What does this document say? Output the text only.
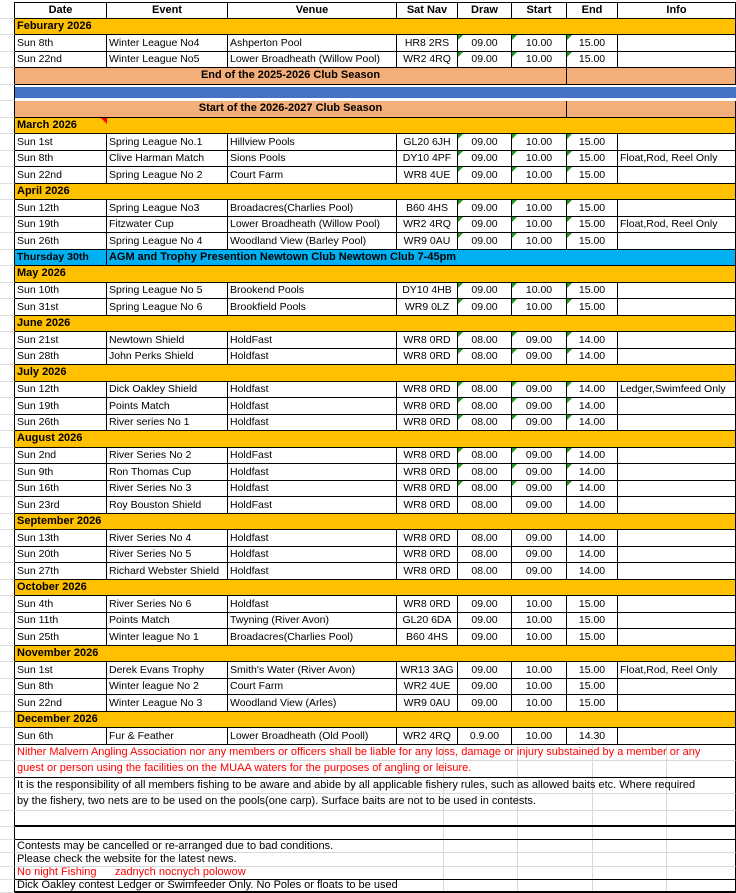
Date	Event	Venue	Sat Nav	Draw	Start	End	Info
Feburary 2026
Sun 8th	Winter League No4	Ashperton Pool	HR8 2RS	09.00	10.00	15.00
Sun 22nd	Winter League No5	Lower Broadheath (Willow Pool)	WR2 4RQ	09.00	10.00	15.00
End of the 2025-2026 Club Season
Start of the 2026-2027 Club Season
March 2026
Sun 1st	Spring League No.1	Hillview Pools	GL20 6JH	09.00	10.00	15.00
Sun 8th	Clive Harman Match	Sions Pools	DY10 4PF	09.00	10.00	15.00 Float,Rod, Reel Only
Sun 22nd	Spring League No 2	Court Farm	WR8 4UE	09.00	10.00	15.00
April 2026
Sun 12th	Spring League No3	Broadacres(Charlies Pool)	B60 4HS	09.00	10.00	15.00
Sun 19th	Fitzwater Cup	Lower Broadheath (Willow Pool)	WR2 4RQ	09.00	10.00	15.00 Float,Rod, Reel Only
Sun 26th	Spring League No 4	Woodland View (Barley Pool)	WR9 0AU	09.00	10.00	15.00
Thursday 30th	AGM and Trophy Presention Newtown Club Newtown Club 7-45pm
May 2026
Sun 10th	Spring League No 5	Brookend Pools	DY10 4HB	09.00	10.00	15.00
Sun 31st	Spring League No 6	Brookfield Pools	WR9 0LZ	09.00	10.00	15.00
June 2026
Sun 21st	Newtown Shield	HoldFast	WR8 0RD	08.00	09.00	14.00
Sun 28th	John Perks Shield	Holdfast	WR8 0RD	08.00	09.00	14.00
July 2026
Sun 12th	Dick Oakley Shield	Holdfast	WR8 0RD	08.00	09.00	14.00 Ledger,Swimfeed Only
Sun 19th	Points Match	Holdfast	WR8 0RD	08.00	09.00	14.00
Sun 26th	River series No 1	Holdfast	WR8 0RD	08.00	09.00	14.00
August 2026
Sun 2nd	River Series No 2	HoldFast	WR8 0RD	08.00	09.00	14.00
Sun 9th	Ron Thomas Cup	Holdfast	WR8 0RD	08.00	09.00	14.00
Sun 16th	River Series No 3	Holdfast	WR8 0RD	08.00	09.00	14.00
Sun 23rd	Roy Bouston Shield	HoldFast	WR8 0RD	08.00	09.00	14.00
September 2026
Sun 13th	River Series No 4	Holdfast	WR8 0RD	08.00	09.00	14.00
Sun 20th	River Series No 5	Holdfast	WR8 0RD	08.00	09.00	14.00
Sun 27th	Richard Webster Shield	Holdfast	WR8 0RD	08.00	09.00	14.00
October 2026
Sun 4th	River Series No 6	Holdfast	WR8 0RD	09.00	10.00	15.00
Sun 11th	Points Match	Twyning (River Avon)	GL20 6DA	09.00	10.00	15.00
Sun 25th	Winter league No 1	Broadacres(Charlies Pool)	B60 4HS	09.00	10.00	15.00
November 2026
Sun 1st	Derek Evans Trophy	Smith's Water (River Avon)	WR13 3AG	09.00	10.00	15.00 Float,Rod, Reel Only
Sun 8th	Winter league No 2	Court Farm	WR2 4UE	09.00	10.00	15.00
Sun 22nd	Winter League No 3	Woodland View (Arles)	WR9 0AU	09.00	10.00	15.00
December 2026
Sun 6th	Fur & Feather	Lower Broadheath (Old Pooll)	WR2 4RQ	0.9.00	10.00	14.30
Nither Malvern Angling Association nor any members or officers shall be liable for any loss, damage or injury substained by a member or any
guest or person using the facilities on the MUAA waters for the purposes of angling or leisure.
It is the responsibility of all members fishing to be aware and abide by all applicable fishery rules, such as allowed baits etc. Where required
by the fishery, two nets are to be used on the pools(one carp). Surface baits are not to be used in contests.
Contests may be cancelled or re-arranged due to bad conditions.
Please check the website for the latest news.
No night Fishing      zadnych nocnych polowow
Dick Oakley contest Ledger or Swimfeeder Only. No Poles or floats to be used
